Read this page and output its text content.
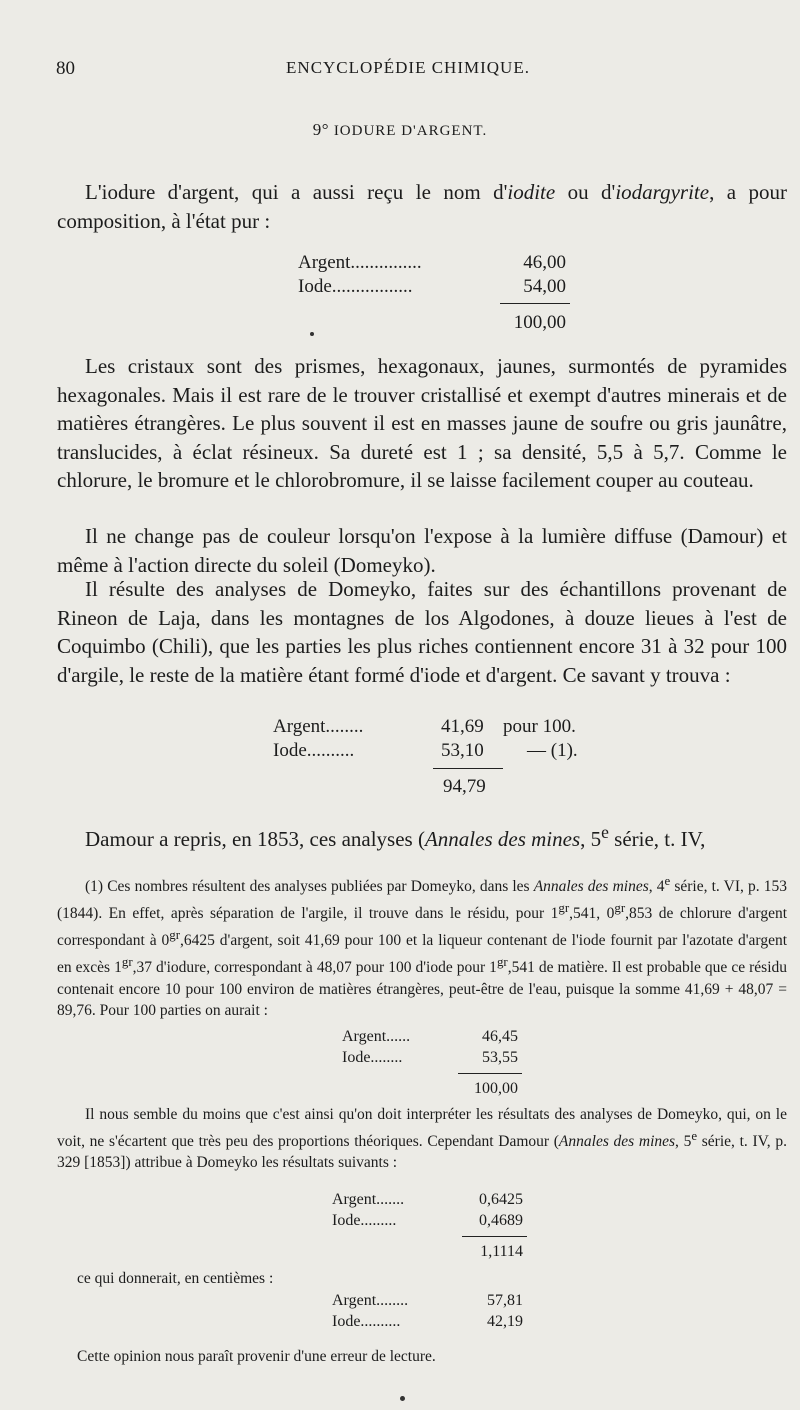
80	ENCYCLOPÉDIE CHIMIQUE.
9° IODURE D'ARGENT.

L'iodure d'argent, qui a aussi reçu le nom d'iodite ou d'iodargyrite, a pour composition, à l'état pur :

Argent...............	46,00
Iode.................	54,00
100,00

Les cristaux sont des prismes, hexagonaux, jaunes, surmontés de pyramides hexagonales. Mais il est rare de le trouver cristallisé et exempt d'autres minerais et de matières étrangères. Le plus souvent il est en masses jaune de soufre ou gris jaunâtre, translucides, à éclat résineux. Sa dureté est 1 ; sa densité, 5,5 à 5,7. Comme le chlorure, le bromure et le chlorobromure, il se laisse facilement couper au couteau.

Il ne change pas de couleur lorsqu'on l'expose à la lumière diffuse (Damour) et même à l'action directe du soleil (Domeyko).

Il résulte des analyses de Domeyko, faites sur des échantillons provenant de Rineon de Laja, dans les montagnes de los Algodones, à douze lieues à l'est de Coquimbo (Chili), que les parties les plus riches contiennent encore 31 à 32 pour 100 d'argile, le reste de la matière étant formé d'iode et d'argent. Ce savant y trouva :

Argent........	41,69 pour 100.
Iode..........	53,10 — (1).
94,79

Damour a repris, en 1853, ces analyses (Annales des mines, 5e série, t. IV,

(1) Ces nombres résultent des analyses publiées par Domeyko, dans les Annales des mines, 4e série, t. VI, p. 153 (1844). En effet, après séparation de l'argile, il trouve dans le résidu, pour $1^{gr},541$, $0^{gr},853$ de chlorure d'argent correspondant à $0^{gr},6425$ d'argent, soit 41,69 pour 100 et la liqueur contenant de l'iode fournit par l'azotate d'argent en excès $1^{gr},37$ d'iodure, correspondant à 48,07 pour 100 d'iode pour $1^{gr},541$ de matière. Il est probable que ce résidu contenait encore 10 pour 100 environ de matières étrangères, peut-être de l'eau, puisque la somme 41,69 + 48,07 = 89,76. Pour 100 parties on aurait :

Argent......	46,45
Iode........	53,55
100,00

Il nous semble du moins que c'est ainsi qu'on doit interpréter les résultats des analyses de Domeyko, qui, on le voit, ne s'écartent que très peu des proportions théoriques. Cependant Damour (Annales des mines, 5e série, t. IV, p. 329 [1853]) attribue à Domeyko les résultats suivants :

Argent.......	0,6425
Iode.........	0,4689
1,1114

ce qui donnerait, en centièmes :

Argent........	57,81
Iode..........	42,19

Cette opinion nous paraît provenir d'une erreur de lecture.
